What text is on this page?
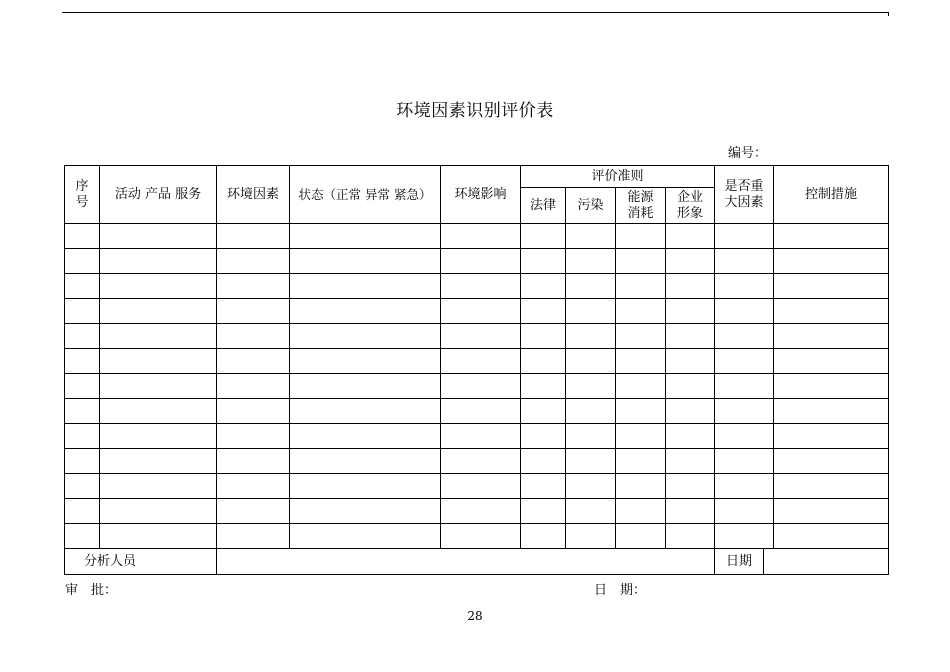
环境因素识别评价表
编号：
序号	活动 产品 服务	环境因素	状态（正常 异常 紧急）	环境影响	评价准则				是否重大因素	控制措施
					法律	污染	能源消耗	企业形象		

分析人员									日期	
审　批：	日　期：
28
